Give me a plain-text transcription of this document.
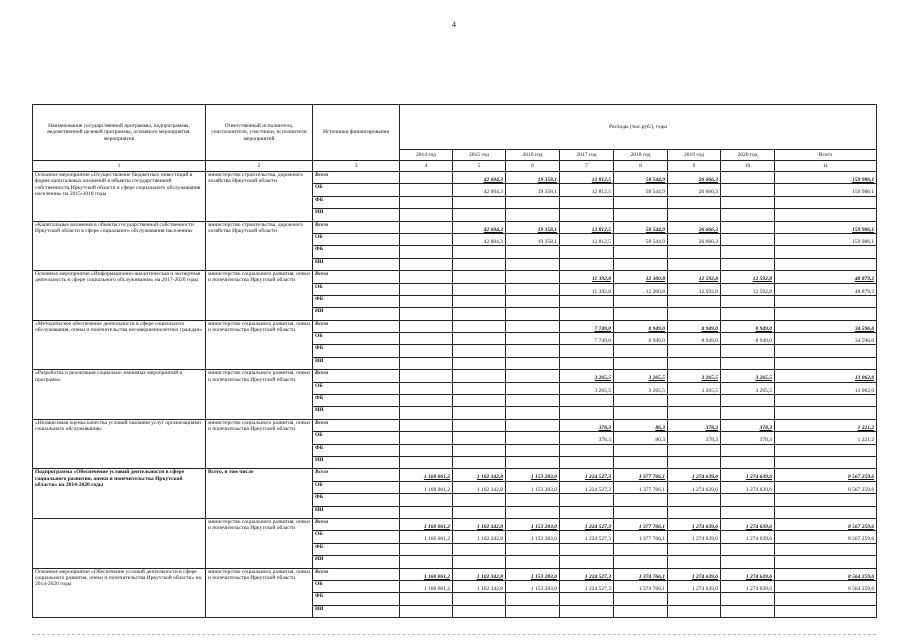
4
Наименование государственной программы, подпрограммы, ведомственной целевой программы, основного мероприятия, мероприятия	Ответственный исполнитель, соисполнители, участники, исполнители мероприятий	Источники финансирования	Расходы (тыс.руб.), годы							
			2014 год	2015 год	2016 год	2017 год	2018 год	2019 год	2020 год	Всего
1	2	3	4	5	6	7	8	9	10	11
Основное мероприятие «Осуществление бюджетных инвестиций в форме капитальных вложений в объекты государственной собственности Иркутской области в сфере социального обслуживания населения» на 2015-2018 годы	министерство строительства, дорожного хозяйства Иркутской области	Всего		42 604,3	19 358,1	12 812,5	58 544,9	26 666,3		159 986,1
		ОБ		42 604,3	19 358,1	12 812,5	58 544,9	26 666,3		159 986,1
		ФБ								
		ИИ								
«Капитальные вложения в объекты государственной собственности Иркутской области в сфере социального обслуживания населения»	министерство строительства, дорожного хозяйства Иркутской области	Всего		42 604,3	19 358,1	12 812,5	58 544,9	26 666,3		159 986,1
		ОБ		42 604,3	19 358,1	12 812,5	58 544,9	26 666,3		159 986,1
		ФБ								
		ИИ								
Основное мероприятие «Информационно-аналитическая и экспертная деятельность в сфере социального обслуживания» на 2017-2020 годы	министерство социального развития, опеки и попечительства Иркутской области	Всего				11 392,8	12 300,8	12 592,8	12 592,8	48 879,2
		ОБ				11 392,8	12 300,8	12 592,8	12 592,8	48 879,2
		ФБ								
		ИИ								
«Методическое обеспечение деятельности в сфере социального обслуживания, опеки и попечительства несовершеннолетних граждан»	министерство социального развития, опеки и попечительства Иркутской области	Всего				7 749,0	8 949,0	8 949,0	8 949,0	34 596,0
		ОБ				7 749,0	8 949,0	8 949,0	8 949,0	34 596,0
		ФБ								
		ИИ								
«Разработка и реализация социально значимых мероприятий и программ»	министерство социального развития, опеки и попечительства Иркутской области	Всего				3 265,5	3 265,5	3 265,5	3 265,5	13 062,0
		ОБ				3 265,5	3 265,5	3 265,5	3 265,5	13 062,0
		ФБ								
		ИИ								
«Независимая оценка качества условий оказания услуг организациями социального обслуживания»	министерство социального развития, опеки и попечительства Иркутской области	Всего				378,3	86,3	378,3	378,3	1 221,2
		ОБ				378,3	86,3	378,3	378,3	1 221,2
		ФБ								
		ИИ								
Подпрограмма «Обеспечение условий деятельности в сфере социального развития, опеки и попечительства Иркутской области» на 2014-2020 годы	Всего, в том числе	Всего	1 160 061,2	1 102 342,8	1 153 283,0	1 224 527,3	1 377 766,1	1 274 639,6	1 274 639,6	8 567 259,6
		ОБ	1 160 061,2	1 102 342,8	1 153 283,0	1 224 527,3	1 377 766,1	1 274 639,6	1 274 639,6	8 567 259,6
		ФБ								
		ИИ								
	министерство социального развития, опеки и попечительства Иркутской области	Всего	1 160 061,2	1 102 342,8	1 153 283,0	1 224 527,3	1 377 766,1	1 274 639,6	1 274 639,6	8 567 259,6
		ОБ	1 160 061,2	1 102 342,8	1 153 283,0	1 224 527,3	1 377 766,1	1 274 639,6	1 274 639,6	8 567 259,6
		ФБ								
		ИИ								
Основное мероприятие «Обеспечение условий деятельности в сфере социального развития, опеки и попечительства Иркутской области» на 2014-2020 годы	министерство социального развития, опеки и попечительства Иркутской области	Всего	1 160 061,2	1 102 342,8	1 153 283,0	1 224 527,3	1 374 766,1	1 274 639,6	1 274 639,6	8 564 259,6
		ОБ	1 160 061,2	1 102 342,8	1 153 283,0	1 224 527,3	1 374 766,1	1 274 639,6	1 274 639,6	8 564 259,6
		ФБ								
		ИИ								
